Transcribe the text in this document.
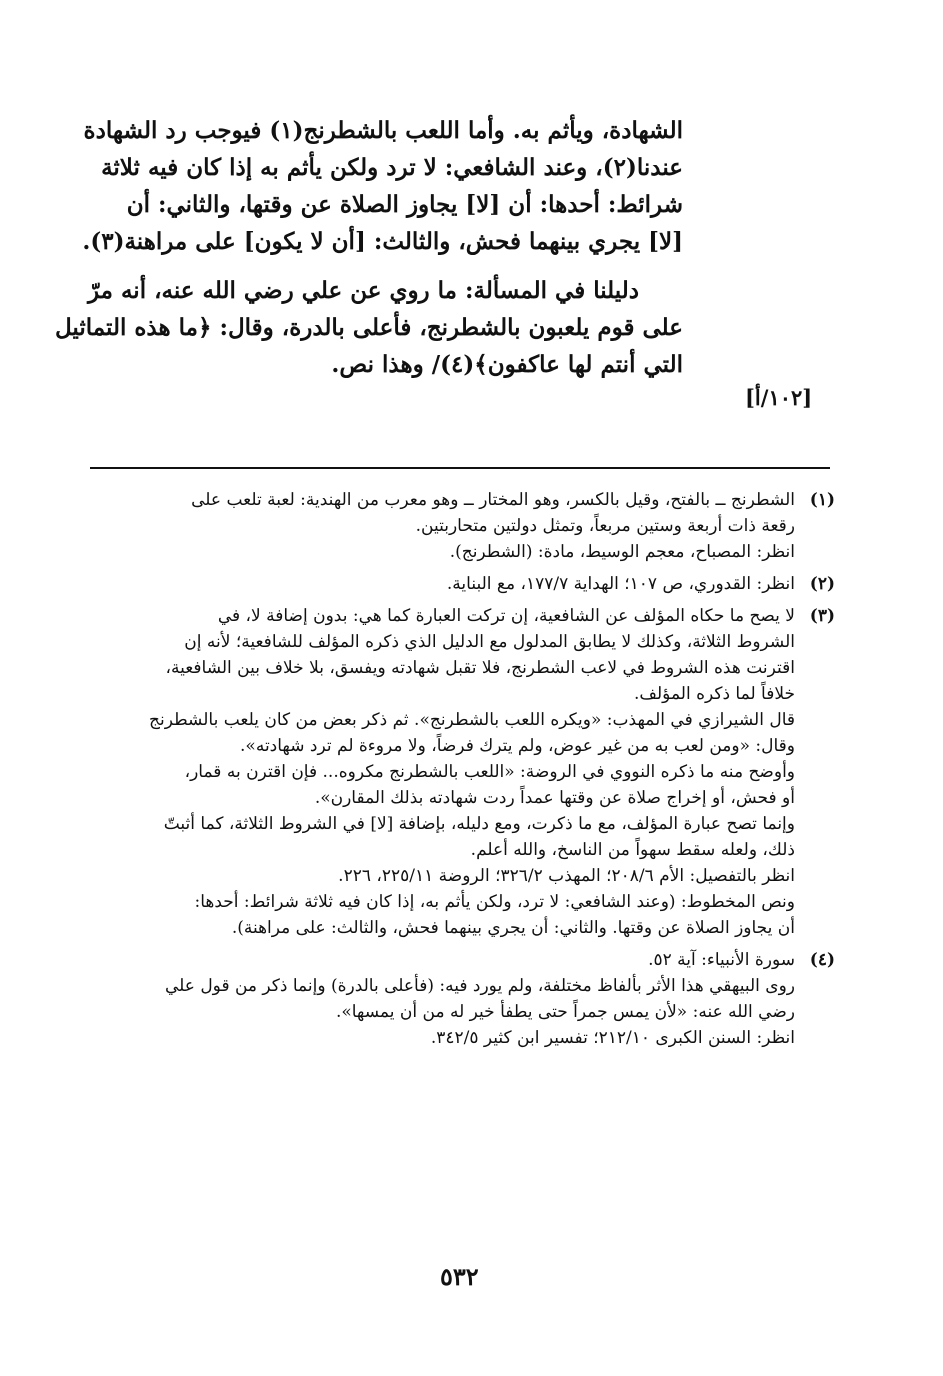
الشهادة، ويأثم به. وأما اللعب بالشطرنج(١) فيوجب رد الشهادة
عندنا(٢)، وعند الشافعي: لا ترد ولكن يأثم به إذا كان فيه ثلاثة
شرائط: أحدها: أن [لا] يجاوز الصلاة عن وقتها، والثاني: أن
[لا] يجري بينهما فحش، والثالث: [أن لا يكون] على مراهنة(٣).
دليلنا في المسألة: ما روي عن علي رضي الله عنه، أنه مرّ
على قوم يلعبون بالشطرنج، فأعلى بالدرة، وقال: ﴿ما هذه التماثيل
التي أنتم لها عاكفون﴾(٤)/ وهذا نص.
[١٠٢/أ]
(١)
الشطرنج ــ بالفتح، وقيل بالكسر، وهو المختار ــ وهو معرب من الهندية: لعبة تلعب على
رقعة ذات أربعة وستين مربعاً، وتمثل دولتين متحاربتين.
انظر: المصباح، معجم الوسيط، مادة: (الشطرنج).
(٢)
انظر: القدوري، ص ١٠٧؛ الهداية ١٧٧/٧، مع البناية.
(٣)
لا يصح ما حكاه المؤلف عن الشافعية، إن تركت العبارة كما هي: بدون إضافة لا، في
الشروط الثلاثة، وكذلك لا يطابق المدلول مع الدليل الذي ذكره المؤلف للشافعية؛ لأنه إن
اقترنت هذه الشروط في لاعب الشطرنج، فلا تقبل شهادته ويفسق، بلا خلاف بين الشافعية،
خلافاً لما ذكره المؤلف.
قال الشيرازي في المهذب: «ويكره اللعب بالشطرنج». ثم ذكر بعض من كان يلعب بالشطرنج
وقال: «ومن لعب به من غير عوض، ولم يترك فرضاً، ولا مروءة لم ترد شهادته».
وأوضح منه ما ذكره النووي في الروضة: «اللعب بالشطرنج مكروه... فإن اقترن به قمار،
أو فحش، أو إخراج صلاة عن وقتها عمداً ردت شهادته بذلك المقارن».
وإنما تصح عبارة المؤلف، مع ما ذكرت، ومع دليله، بإضافة [لا] في الشروط الثلاثة، كما أثبتّ
ذلك، ولعله سقط سهواً من الناسخ، والله أعلم.
انظر بالتفصيل: الأم ٢٠٨/٦؛ المهذب ٣٢٦/٢؛ الروضة ٢٢٥/١١، ٢٢٦.
ونص المخطوط: (وعند الشافعي: لا ترد، ولكن يأثم به، إذا كان فيه ثلاثة شرائط: أحدها:
أن يجاوز الصلاة عن وقتها. والثاني: أن يجري بينهما فحش، والثالث: على مراهنة).
(٤)
سورة الأنبياء: آية ٥٢.
روى البيهقي هذا الأثر بألفاظ مختلفة، ولم يورد فيه: (فأعلى بالدرة) وإنما ذكر من قول علي
رضي الله عنه: «لأن يمس جمراً حتى يطفأ خير له من أن يمسها».
انظر: السنن الكبرى ٢١٢/١٠؛ تفسير ابن كثير ٣٤٢/٥.
٥٣٢
